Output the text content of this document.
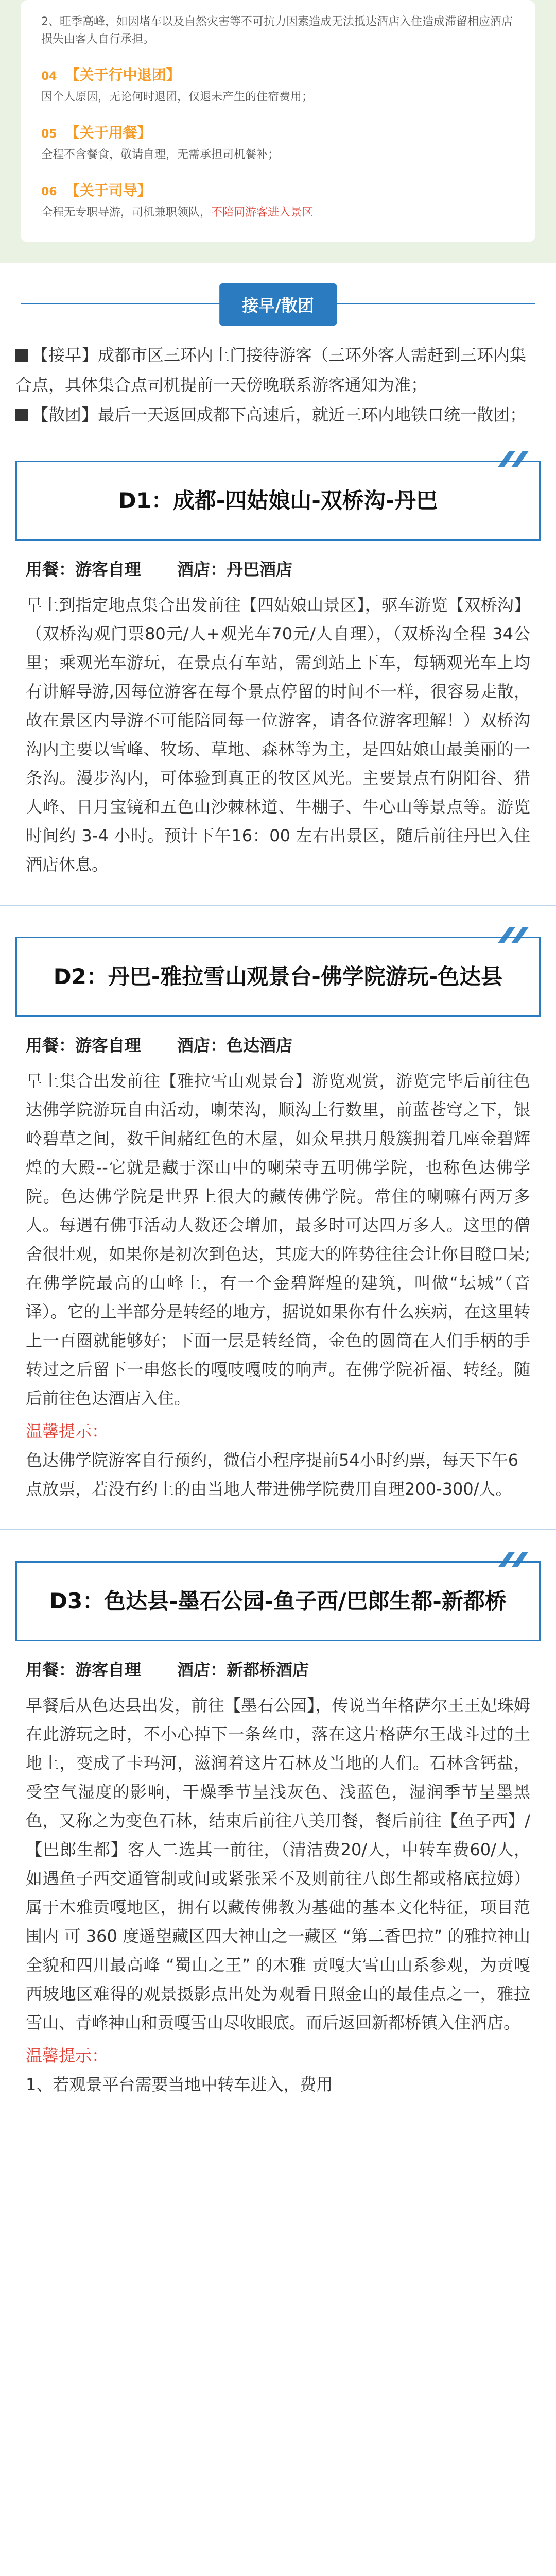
2、旺季高峰，如因堵车以及自然灾害等不可抗力因素造成无法抵达酒店入住造成滞留相应酒店损失由客人自行承担。
04 【关于行中退团】
因个人原因，无论何时退团，仅退未产生的住宿费用；
05 【关于用餐】
全程不含餐食，敬请自理，无需承担司机餐补；
06 【关于司导】
全程无专职导游，司机兼职领队，不陪同游客进入景区
接早/散团
【接早】成都市区三环内上门接待游客（三环外客人需赶到三环内集合点，具体集合点司机提前一天傍晚联系游客通知为准；
【散团】最后一天返回成都下高速后，就近三环内地铁口统一散团；
D1：成都-四姑娘山-双桥沟-丹巴
用餐：游客自理 酒店：丹巴酒店
早上到指定地点集合出发前往【四姑娘山景区】，驱车游览【双桥沟】（双桥沟观门票80元/人+观光车70元/人自理），（双桥沟全程 34公里；乘观光车游玩，在景点有车站，需到站上下车，每辆观光车上均有讲解导游,因每位游客在每个景点停留的时间不一样，很容易走散，故在景区内导游不可能陪同每一位游客，请各位游客理解！）双桥沟沟内主要以雪峰、牧场、草地、森林等为主，是四姑娘山最美丽的一条沟。漫步沟内，可体验到真正的牧区风光。主要景点有阴阳谷、猎人峰、日月宝镜和五色山沙棘林道、牛棚子、牛心山等景点等。游览时间约 3-4 小时。预计下午16：00 左右出景区，随后前往丹巴入住酒店休息。
D2：丹巴-雅拉雪山观景台-佛学院游玩-色达县
用餐：游客自理 酒店：色达酒店
早上集合出发前往【雅拉雪山观景台】游览观赏，游览完毕后前往色达佛学院游玩自由活动，喇荣沟，顺沟上行数里，前蓝苍穹之下，银岭碧草之间，数千间赭红色的木屋，如众星拱月般簇拥着几座金碧辉煌的大殿--它就是藏于深山中的喇荣寺五明佛学院，也称色达佛学院。色达佛学院是世界上很大的藏传佛学院。常住的喇嘛有两万多人。每遇有佛事活动人数还会增加，最多时可达四万多人。这里的僧舍很壮观，如果你是初次到色达，其庞大的阵势往往会让你目瞪口呆;在佛学院最高的山峰上，有一个金碧辉煌的建筑，叫做“坛城”（音译）。它的上半部分是转经的地方，据说如果你有什么疾病，在这里转上一百圈就能够好；下面一层是转经筒，金色的圆筒在人们手柄的手转过之后留下一串悠长的嘎吱嘎吱的响声。在佛学院祈福、转经。随后前往色达酒店入住。
温馨提示：
色达佛学院游客自行预约，微信小程序提前54小时约票，每天下午6点放票，若没有约上的由当地人带进佛学院费用自理200-300/人。
D3：色达县-墨石公园-鱼子西/巴郎生都-新都桥
用餐：游客自理 酒店：新都桥酒店
早餐后从色达县出发，前往【墨石公园】，传说当年格萨尔王王妃珠姆在此游玩之时，不小心掉下一条丝巾，落在这片格萨尔王战斗过的土地上，变成了卡玛河，滋润着这片石林及当地的人们。石林含钙盐，受空气湿度的影响，干燥季节呈浅灰色、浅蓝色，湿润季节呈墨黑色，又称之为变色石林，结束后前往八美用餐，餐后前往【鱼子西】/【巴郎生都】客人二选其一前往，（清洁费20/人，中转车费60/人，如遇鱼子西交通管制或间或紧张采不及则前往八郎生都或格底拉姆）属于木雅贡嘎地区，拥有以藏传佛教为基础的基本文化特征，项目范围内 可 360 度遥望藏区四大神山之一藏区 “第二香巴拉” 的雅拉神山全貌和四川最高峰 “蜀山之王” 的木雅 贡嘎大雪山山系参观，为贡嘎西坡地区难得的观景摄影点出处为观看日照金山的最佳点之一，雅拉雪山、青峰神山和贡嘎雪山尽收眼底。而后返回新都桥镇入住酒店。
温馨提示：
1、若观景平台需要当地中转车进入，费用
